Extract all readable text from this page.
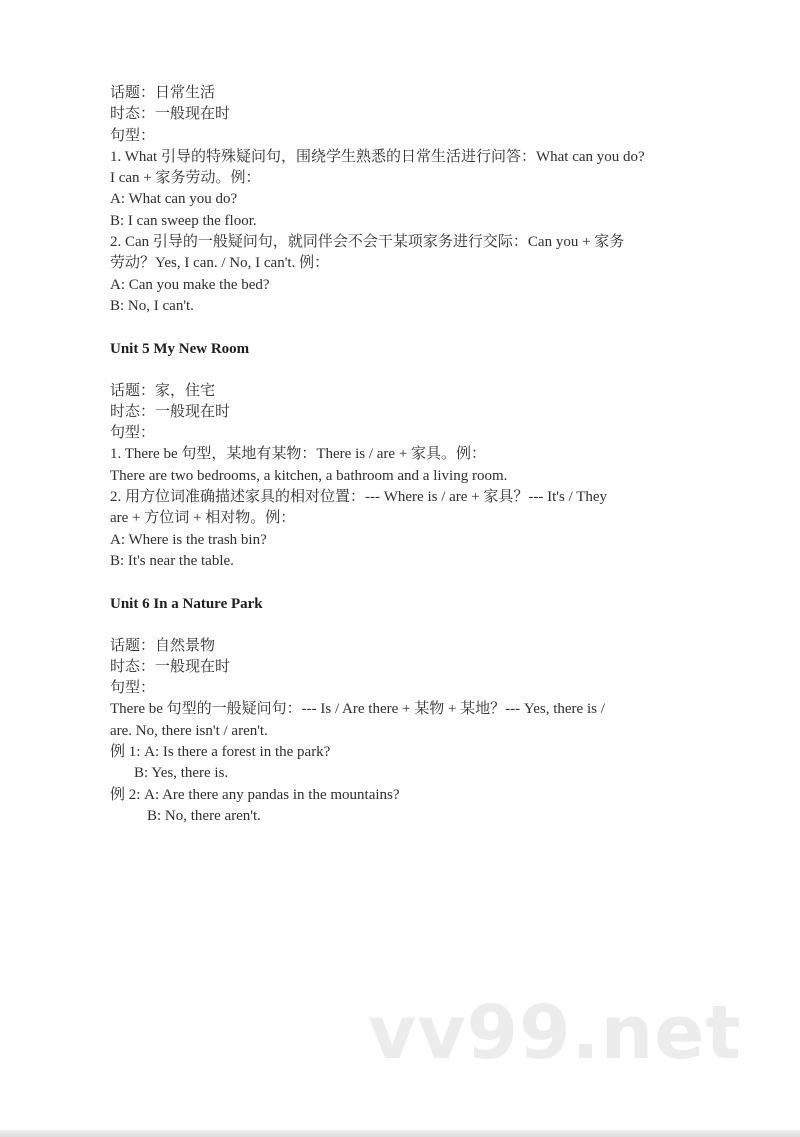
话题：日常生活
时态：一般现在时
句型：
1. What 引导的特殊疑问句，围绕学生熟悉的日常生活进行问答：What can you do?
I can + 家务劳动。例：
A: What can you do?
B: I can sweep the floor.
2. Can 引导的一般疑问句，就同伴会不会干某项家务进行交际：Can you + 家务
劳动？Yes, I can. / No, I can't. 例：
A: Can you make the bed?
B: No, I can't.
Unit 5 My New Room
话题：家，住宅
时态：一般现在时
句型：
1. There be 句型，某地有某物：There is / are + 家具。例：
There are two bedrooms, a kitchen, a bathroom and a living room.
2. 用方位词准确描述家具的相对位置：--- Where is / are + 家具？--- It's / They
are + 方位词 + 相对物。例：
A: Where is the trash bin?
B: It's near the table.
Unit 6 In a Nature Park
话题：自然景物
时态：一般现在时
句型：
There be 句型的一般疑问句：--- Is / Are there + 某物 + 某地？--- Yes, there is /
are. No, there isn't / aren't.
例 1: A: Is there a forest in the park?
B: Yes, there is.
例 2: A: Are there any pandas in the mountains?
B: No, there aren't.
vv99.net
